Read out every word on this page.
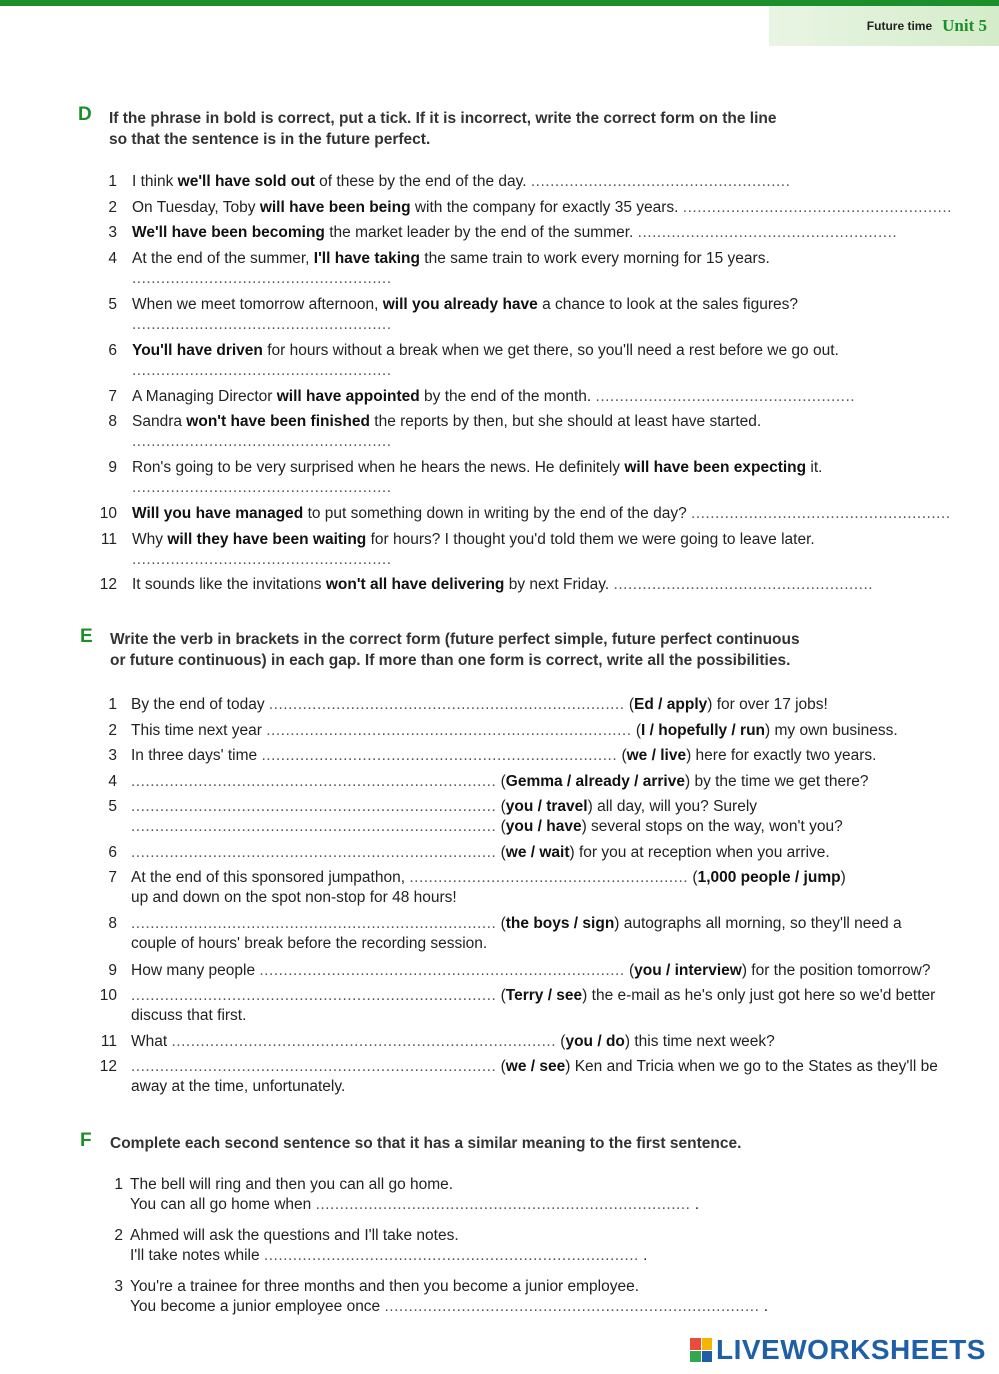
Future time Unit 5
D If the phrase in bold is correct, put a tick. If it is incorrect, write the correct form on the line
so that the sentence is in the future perfect.
1 I think we'll have sold out of these by the end of the day. ......................................................
2 On Tuesday, Toby will have been being with the company for exactly 35 years. ........................................................
3 We'll have been becoming the market leader by the end of the summer. ......................................................
4 At the end of the summer, I'll have taking the same train to work every morning for 15 years.
......................................................
5 When we meet tomorrow afternoon, will you already have a chance to look at the sales figures?
......................................................
6 You'll have driven for hours without a break when we get there, so you'll need a rest before we go out.
......................................................
7 A Managing Director will have appointed by the end of the month. ......................................................
8 Sandra won't have been finished the reports by then, but she should at least have started.
......................................................
9 Ron's going to be very surprised when he hears the news. He definitely will have been expecting it.
......................................................
10 Will you have managed to put something down in writing by the end of the day? ......................................................
11 Why will they have been waiting for hours? I thought you'd told them we were going to leave later.
......................................................
12 It sounds like the invitations won't all have delivering by next Friday. ......................................................
E Write the verb in brackets in the correct form (future perfect simple, future perfect continuous
or future continuous) in each gap. If more than one form is correct, write all the possibilities.
1 By the end of today .......................................................................... (Ed / apply) for over 17 jobs!
2 This time next year ............................................................................ (I / hopefully / run) my own business.
3 In three days' time .......................................................................... (we / live) here for exactly two years.
4 ............................................................................ (Gemma / already / arrive) by the time we get there?
5 ............................................................................ (you / travel) all day, will you? Surely
............................................................................ (you / have) several stops on the way, won't you?
6 ............................................................................ (we / wait) for you at reception when you arrive.
7 At the end of this sponsored jumpathon, .......................................................... (1,000 people / jump)
up and down on the spot non-stop for 48 hours!
8 ............................................................................ (the boys / sign) autographs all morning, so they'll need a
couple of hours' break before the recording session.
9 How many people ............................................................................ (you / interview) for the position tomorrow?
10 ............................................................................ (Terry / see) the e-mail as he's only just got here so we'd better
discuss that first.
11 What ................................................................................ (you / do) this time next week?
12 ............................................................................ (we / see) Ken and Tricia when we go to the States as they'll be
away at the time, unfortunately.
F Complete each second sentence so that it has a similar meaning to the first sentence.
1 The bell will ring and then you can all go home.
You can all go home when .............................................................................. .
2 Ahmed will ask the questions and I'll take notes.
I'll take notes while .............................................................................. .
3 You're a trainee for three months and then you become a junior employee.
You become a junior employee once .............................................................................. .
LIVEWORKSHEETS
